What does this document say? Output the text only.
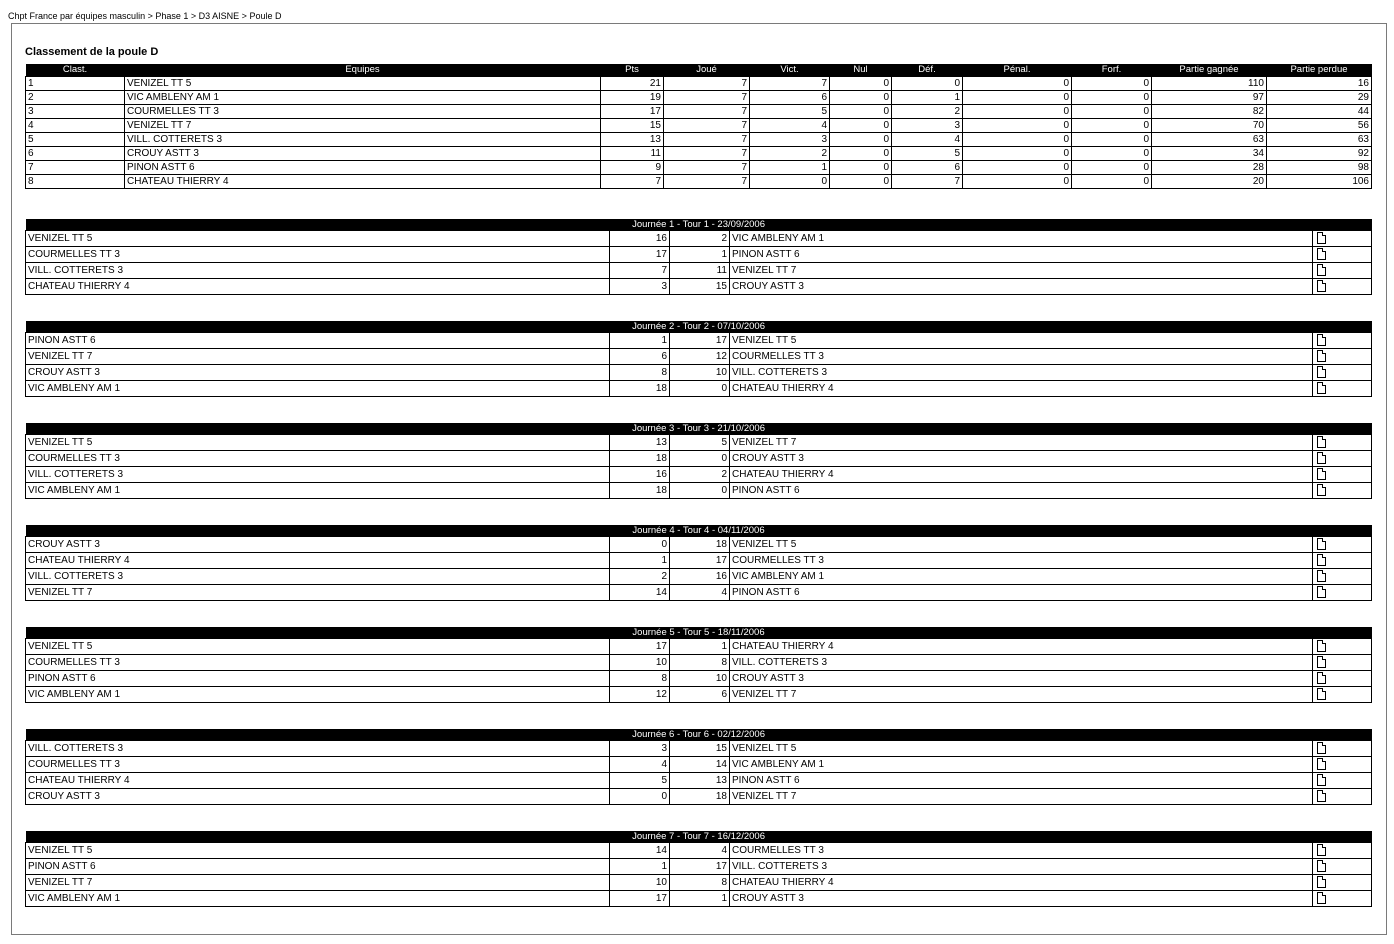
Chpt France par équipes masculin > Phase 1 > D3 AISNE > Poule D
Classement de la poule D
Clast.	Equipes	Pts	Joué	Vict.	Nul	Déf.	Pénal.	Forf.	Partie gagnée	Partie perdue
1	VENIZEL TT 5	21	7	7	0	0	0	0	110	16
2	VIC AMBLENY AM 1	19	7	6	0	1	0	0	97	29
3	COURMELLES TT 3	17	7	5	0	2	0	0	82	44
4	VENIZEL TT 7	15	7	4	0	3	0	0	70	56
5	VILL. COTTERETS 3	13	7	3	0	4	0	0	63	63
6	CROUY ASTT 3	11	7	2	0	5	0	0	34	92
7	PINON ASTT 6	9	7	1	0	6	0	0	28	98
8	CHATEAU THIERRY 4	7	7	0	0	7	0	0	20	106
Journée 1 - Tour 1 - 23/09/2006				
VENIZEL TT 5	16	2	VIC AMBLENY AM 1	
COURMELLES TT 3	17	1	PINON ASTT 6	
VILL. COTTERETS 3	7	11	VENIZEL TT 7	
CHATEAU THIERRY 4	3	15	CROUY ASTT 3	
Journée 2 - Tour 2 - 07/10/2006				
PINON ASTT 6	1	17	VENIZEL TT 5	
VENIZEL TT 7	6	12	COURMELLES TT 3	
CROUY ASTT 3	8	10	VILL. COTTERETS 3	
VIC AMBLENY AM 1	18	0	CHATEAU THIERRY 4	
Journée 3 - Tour 3 - 21/10/2006				
VENIZEL TT 5	13	5	VENIZEL TT 7	
COURMELLES TT 3	18	0	CROUY ASTT 3	
VILL. COTTERETS 3	16	2	CHATEAU THIERRY 4	
VIC AMBLENY AM 1	18	0	PINON ASTT 6	
Journée 4 - Tour 4 - 04/11/2006				
CROUY ASTT 3	0	18	VENIZEL TT 5	
CHATEAU THIERRY 4	1	17	COURMELLES TT 3	
VILL. COTTERETS 3	2	16	VIC AMBLENY AM 1	
VENIZEL TT 7	14	4	PINON ASTT 6	
Journée 5 - Tour 5 - 18/11/2006				
VENIZEL TT 5	17	1	CHATEAU THIERRY 4	
COURMELLES TT 3	10	8	VILL. COTTERETS 3	
PINON ASTT 6	8	10	CROUY ASTT 3	
VIC AMBLENY AM 1	12	6	VENIZEL TT 7	
Journée 6 - Tour 6 - 02/12/2006				
VILL. COTTERETS 3	3	15	VENIZEL TT 5	
COURMELLES TT 3	4	14	VIC AMBLENY AM 1	
CHATEAU THIERRY 4	5	13	PINON ASTT 6	
CROUY ASTT 3	0	18	VENIZEL TT 7	
Journée 7 - Tour 7 - 16/12/2006				
VENIZEL TT 5	14	4	COURMELLES TT 3	
PINON ASTT 6	1	17	VILL. COTTERETS 3	
VENIZEL TT 7	10	8	CHATEAU THIERRY 4	
VIC AMBLENY AM 1	17	1	CROUY ASTT 3	
